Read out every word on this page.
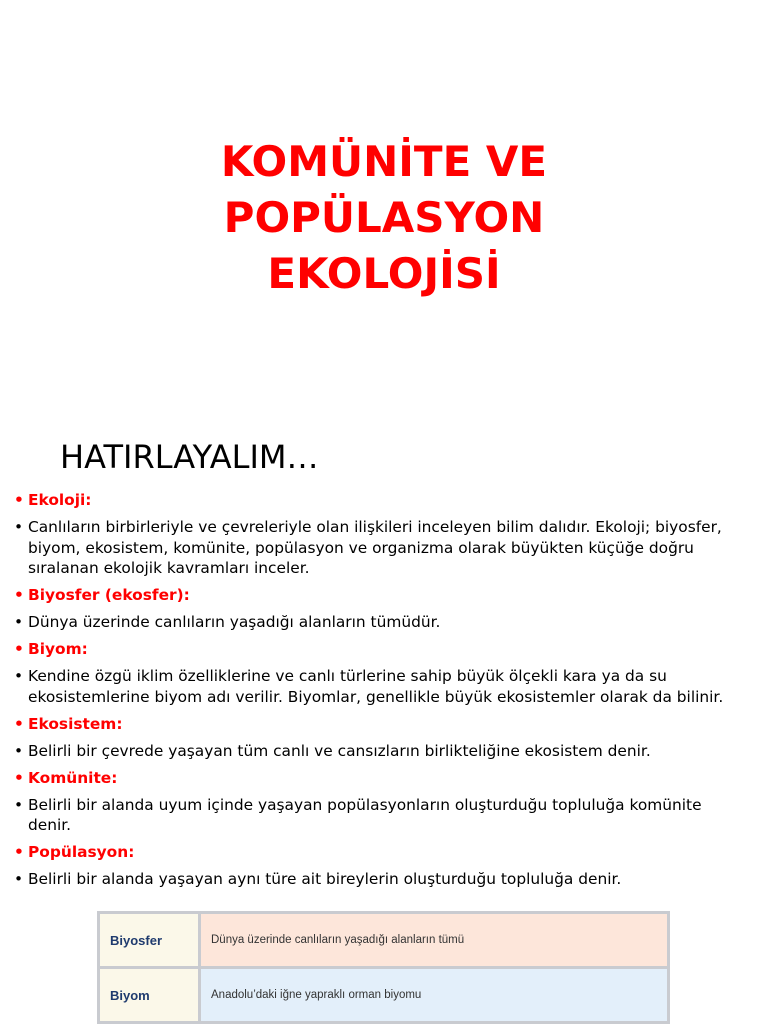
KOMÜNİTE VE
POPÜLASYON
EKOLOJİSİ
HATIRLAYALIM…
• Ekoloji:
• Canlıların birbirleriyle ve çevreleriyle olan ilişkileri inceleyen bilim dalıdır. Ekoloji; biyosfer, biyom, ekosistem, komünite, popülasyon ve organizma olarak büyükten küçüğe doğru sıralanan ekolojik kavramları inceler.
• Biyosfer (ekosfer):
• Dünya üzerinde canlıların yaşadığı alanların tümüdür.
• Biyom:
• Kendine özgü iklim özelliklerine ve canlı türlerine sahip büyük ölçekli kara ya da su ekosistemlerine biyom adı verilir. Biyomlar, genellikle büyük ekosistemler olarak da bilinir.
• Ekosistem:
• Belirli bir çevrede yaşayan tüm canlı ve cansızların birlikteliğine ekosistem denir.
• Komünite:
• Belirli bir alanda uyum içinde yaşayan popülasyonların oluşturduğu topluluğa komünite denir.
• Popülasyon:
• Belirli bir alanda yaşayan aynı türe ait bireylerin oluşturduğu topluluğa denir.
Biyosfer	Dünya üzerinde canlıların yaşadığı alanların tümü
Biyom	Anadolu’daki iğne yapraklı orman biyomu
